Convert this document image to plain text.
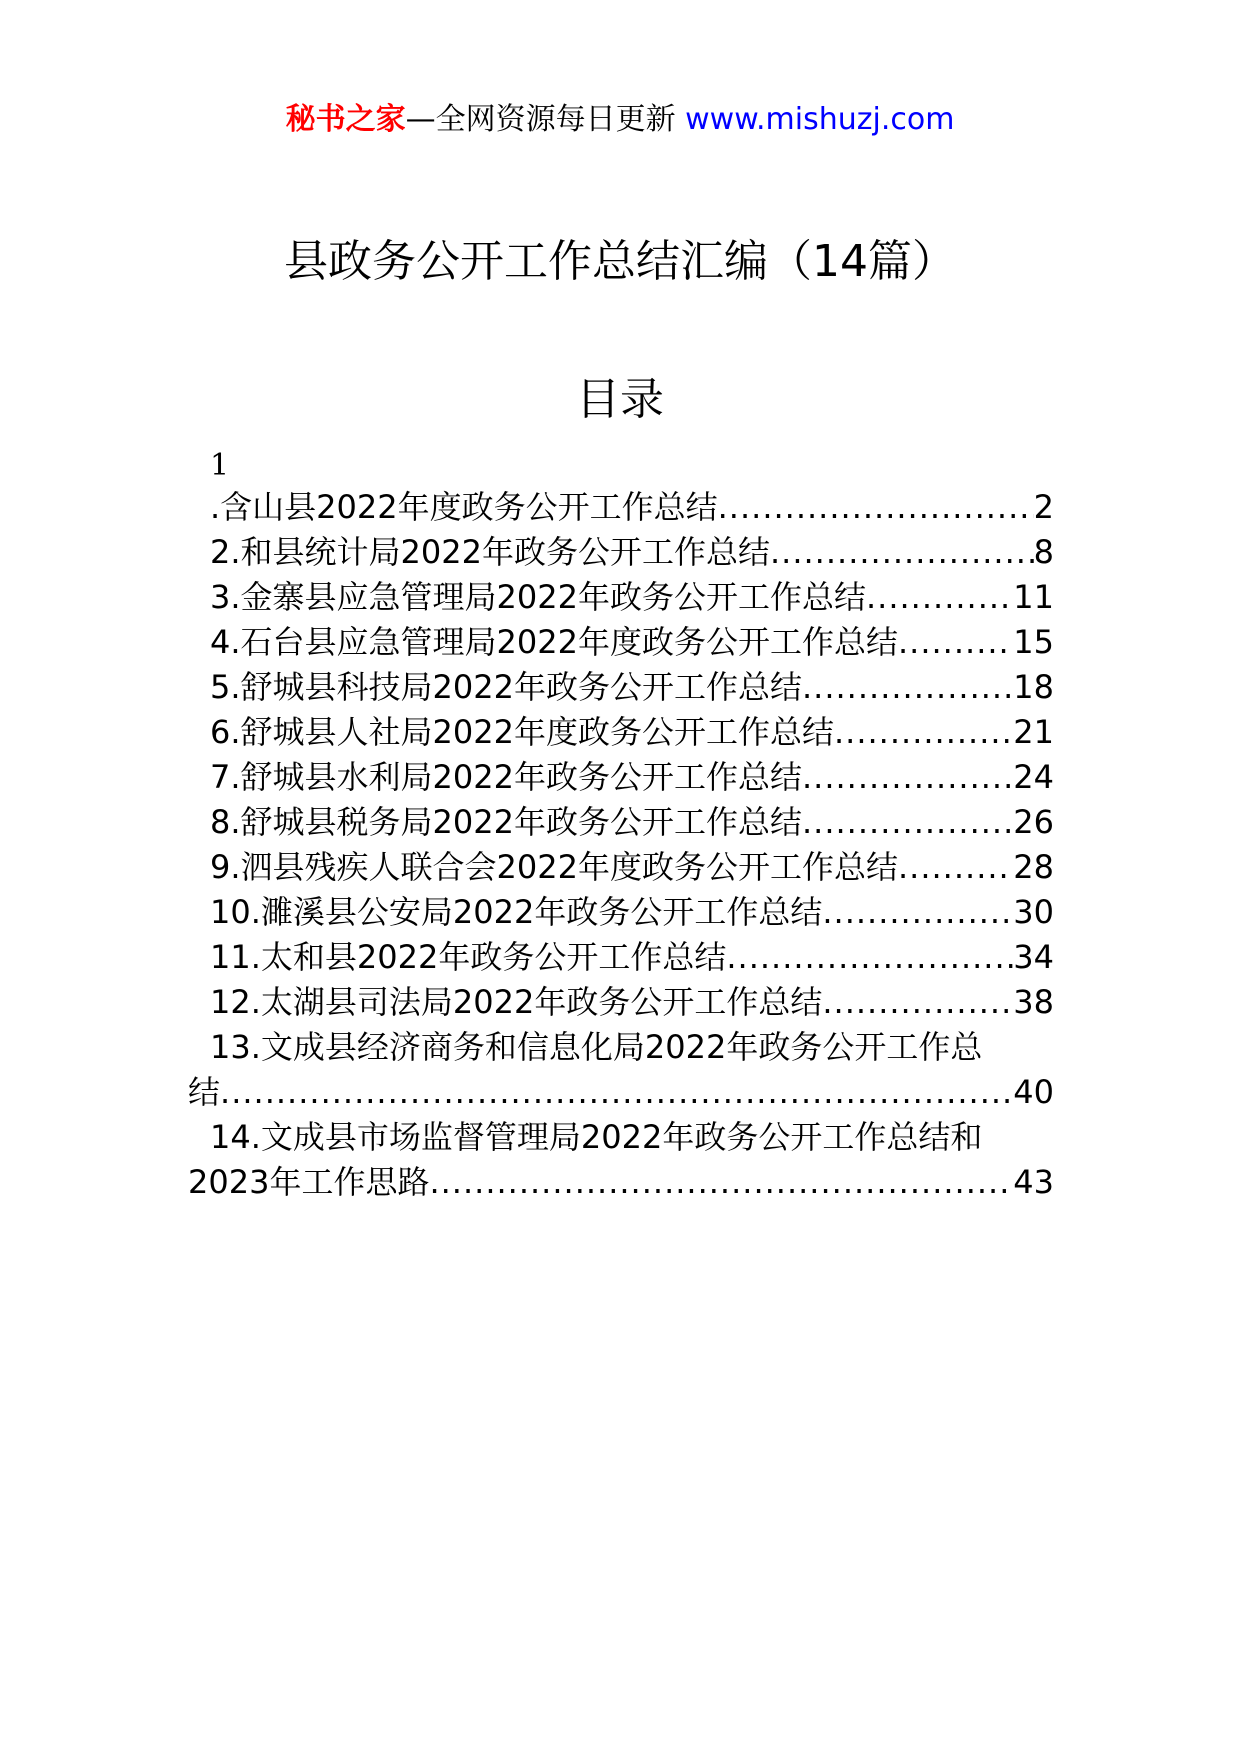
秘书之家—全网资源每日更新 www.mishuzj.com
县政务公开工作总结汇编（14篇）
目录
1
.含山县2022年度政务公开工作总结 .....	2
2.和县统计局2022年政务公开工作总结 .....	8
3.金寨县应急管理局2022年政务公开工作总结 .....	11
4.石台县应急管理局2022年度政务公开工作总结 .....	15
5.舒城县科技局2022年政务公开工作总结 .....	18
6.舒城县人社局2022年度政务公开工作总结 .....	21
7.舒城县水利局2022年政务公开工作总结 .....	24
8.舒城县税务局2022年政务公开工作总结 .....	26
9.泗县残疾人联合会2022年度政务公开工作总结 .....	28
10.濉溪县公安局2022年政务公开工作总结 .....	30
11.太和县2022年政务公开工作总结 .....	34
12.太湖县司法局2022年政务公开工作总结 .....	38
13.文成县经济商务和信息化局2022年政务公开工作总
结 .....	40
14.文成县市场监督管理局2022年政务公开工作总结和
2023年工作思路 .....	43
